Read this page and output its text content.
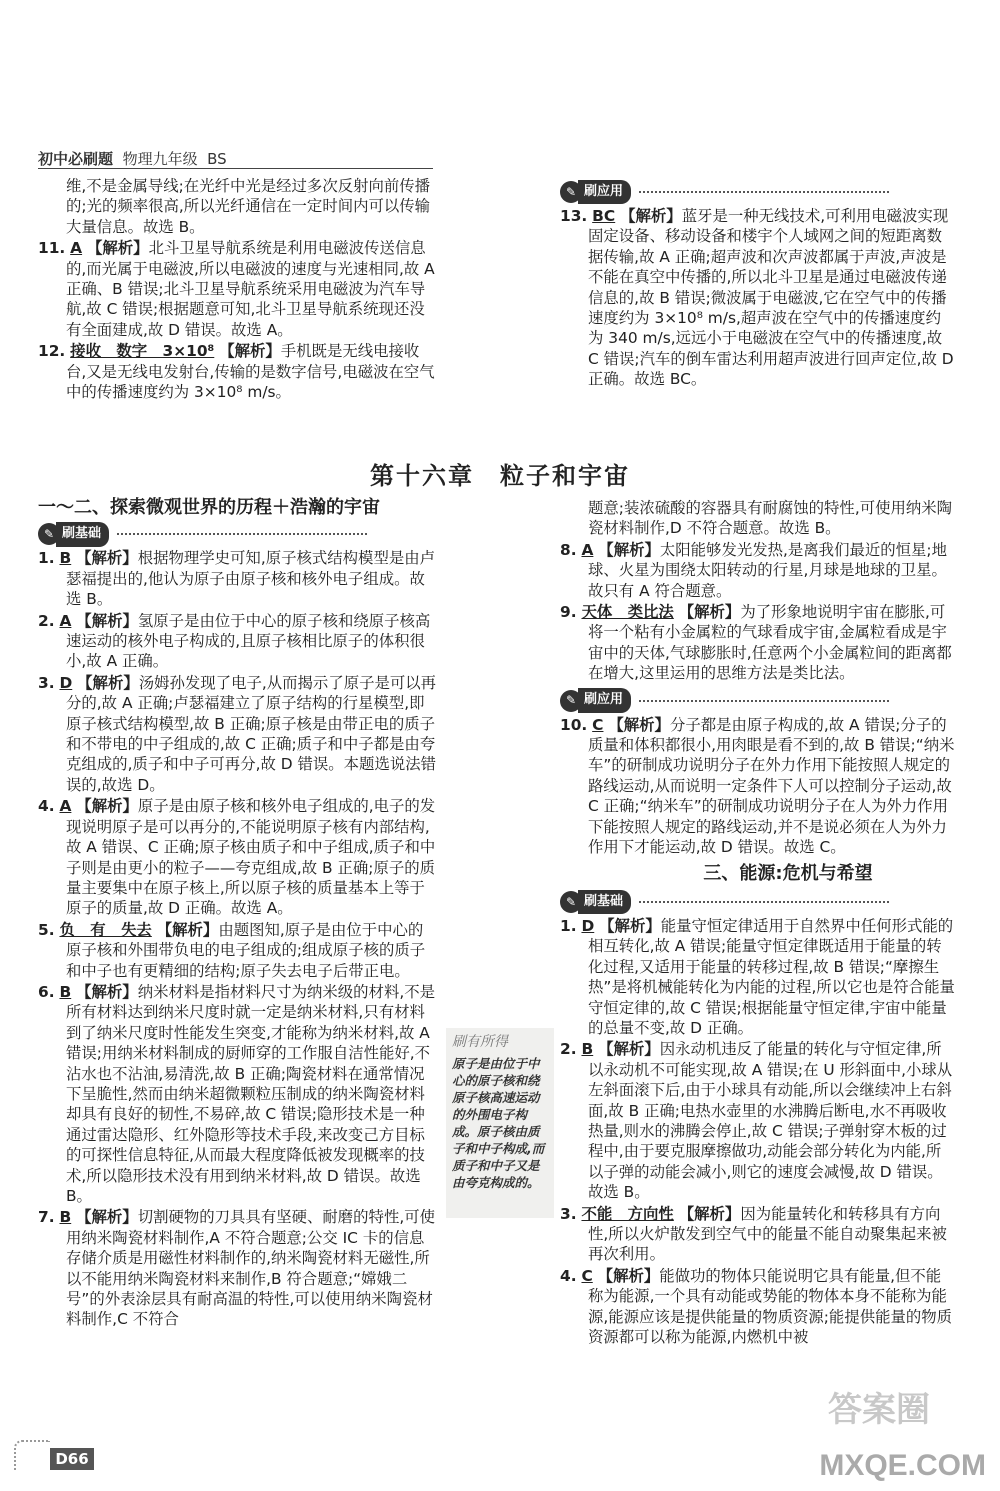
初中必刷题 物理九年级 BS
维,不是金属导线;在光纤中光是经过多次反射向前传播的;光的频率很高,所以光纤通信在一定时间内可以传输大量信息。故选 B。
11. A 【解析】北斗卫星导航系统是利用电磁波传送信息的,而光属于电磁波,所以电磁波的速度与光速相同,故 A 正确、B 错误;北斗卫星导航系统采用电磁波为汽车导航,故 C 错误;根据题意可知,北斗卫星导航系统现还没有全面建成,故 D 错误。故选 A。
12. 接收　数字　3×10⁸ 【解析】手机既是无线电接收台,又是无线电发射台,传输的是数字信号,电磁波在空气中的传播速度约为 3×10⁸ m/s。
✎ 刷应用
13. BC 【解析】蓝牙是一种无线技术,可利用电磁波实现固定设备、移动设备和楼宇个人域网之间的短距离数据传输,故 A 正确;超声波和次声波都属于声波,声波是不能在真空中传播的,所以北斗卫星是通过电磁波传递信息的,故 B 错误;微波属于电磁波,它在空气中的传播速度约为 3×10⁸ m/s,超声波在空气中的传播速度约为 340 m/s,远远小于电磁波在空气中的传播速度,故 C 错误;汽车的倒车雷达利用超声波进行回声定位,故 D 正确。故选 BC。
第十六章　粒子和宇宙
一～二、探索微观世界的历程＋浩瀚的宇宙
✎ 刷基础
1. B 【解析】根据物理学史可知,原子核式结构模型是由卢瑟福提出的,他认为原子由原子核和核外电子组成。故选 B。
2. A 【解析】氢原子是由位于中心的原子核和绕原子核高速运动的核外电子构成的,且原子核相比原子的体积很小,故 A 正确。
3. D 【解析】汤姆孙发现了电子,从而揭示了原子是可以再分的,故 A 正确;卢瑟福建立了原子结构的行星模型,即原子核式结构模型,故 B 正确;原子核是由带正电的质子和不带电的中子组成的,故 C 正确;质子和中子都是由夸克组成的,质子和中子可再分,故 D 错误。本题选说法错误的,故选 D。
4. A 【解析】原子是由原子核和核外电子组成的,电子的发现说明原子是可以再分的,不能说明原子核有内部结构,故 A 错误、C 正确;原子核由质子和中子组成,质子和中子则是由更小的粒子——夸克组成,故 B 正确;原子的质量主要集中在原子核上,所以原子核的质量基本上等于原子的质量,故 D 正确。故选 A。
5. 负　有　失去 【解析】由题图知,原子是由位于中心的原子核和外围带负电的电子组成的;组成原子核的质子和中子也有更精细的结构;原子失去电子后带正电。
6. B 【解析】纳米材料是指材料尺寸为纳米级的材料,不是所有材料达到纳米尺度时就一定是纳米材料,只有材料到了纳米尺度时性能发生突变,才能称为纳米材料,故 A 错误;用纳米材料制成的厨师穿的工作服自洁性能好,不沾水也不沾油,易清洗,故 B 正确;陶瓷材料在通常情况下呈脆性,然而由纳米超微颗粒压制成的纳米陶瓷材料却具有良好的韧性,不易碎,故 C 错误;隐形技术是一种通过雷达隐形、红外隐形等技术手段,来改变己方目标的可探性信息特征,从而最大程度降低被发现概率的技术,所以隐形技术没有用到纳米材料,故 D 错误。故选 B。
7. B 【解析】切割硬物的刀具具有坚硬、耐磨的特性,可使用纳米陶瓷材料制作,A 不符合题意;公交 IC 卡的信息存储介质是用磁性材料制作的,纳米陶瓷材料无磁性,所以不能用纳米陶瓷材料来制作,B 符合题意;“嫦娥二号”的外表涂层具有耐高温的特性,可以使用纳米陶瓷材料制作,C 不符合
题意;装浓硫酸的容器具有耐腐蚀的特性,可使用纳米陶瓷材料制作,D 不符合题意。故选 B。
8. A 【解析】太阳能够发光发热,是离我们最近的恒星;地球、火星为围绕太阳转动的行星,月球是地球的卫星。故只有 A 符合题意。
9. 天体　类比法 【解析】为了形象地说明宇宙在膨胀,可将一个粘有小金属粒的气球看成宇宙,金属粒看成是宇宙中的天体,气球膨胀时,任意两个小金属粒间的距离都在增大,这里运用的思维方法是类比法。
✎ 刷应用
10. C 【解析】分子都是由原子构成的,故 A 错误;分子的质量和体积都很小,用肉眼是看不到的,故 B 错误;“纳米车”的研制成功说明分子在外力作用下能按照人规定的路线运动,从而说明一定条件下人可以控制分子运动,故 C 正确;“纳米车”的研制成功说明分子在人为外力作用下能按照人规定的路线运动,并不是说必须在人为外力作用下才能运动,故 D 错误。故选 C。
三、能源:危机与希望
✎ 刷基础
1. D 【解析】能量守恒定律适用于自然界中任何形式能的相互转化,故 A 错误;能量守恒定律既适用于能量的转化过程,又适用于能量的转移过程,故 B 错误;“摩擦生热”是将机械能转化为内能的过程,所以它也是符合能量守恒定律的,故 C 错误;根据能量守恒定律,宇宙中能量的总量不变,故 D 正确。
2. B 【解析】因永动机违反了能量的转化与守恒定律,所以永动机不可能实现,故 A 错误;在 U 形斜面中,小球从左斜面滚下后,由于小球具有动能,所以会继续冲上右斜面,故 B 正确;电热水壶里的水沸腾后断电,水不再吸收热量,则水的沸腾会停止,故 C 错误;子弹射穿木板的过程中,由于要克服摩擦做功,动能会部分转化为内能,所以子弹的动能会减小,则它的速度会减慢,故 D 错误。故选 B。
3. 不能　方向性 【解析】因为能量转化和转移具有方向性,所以火炉散发到空气中的能量不能自动聚集起来被再次利用。
4. C 【解析】能做功的物体只能说明它具有能量,但不能称为能源,一个具有动能或势能的物体本身不能称为能源,能源应该是提供能量的物质资源;能提供能量的物质资源都可以称为能源,内燃机中被
刷有所得
原子是由位于中心的原子核和绕原子核高速运动的外围电子构成。原子核由质子和中子构成,而质子和中子又是由夸克构成的。
D66
答案圈
MXQE.COM
